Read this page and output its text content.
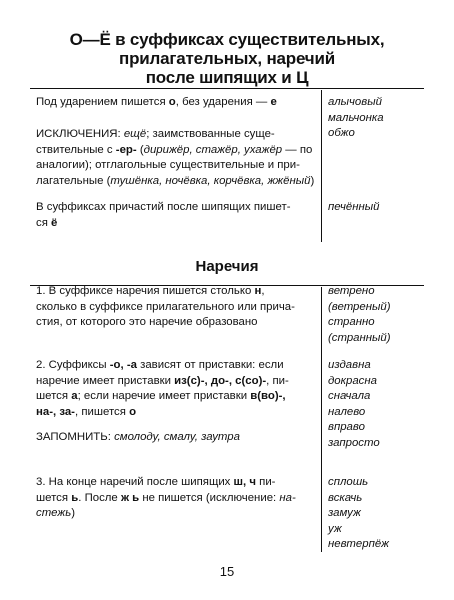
О—Ё в суффиксах существительных,
прилагательных, наречий
после шипящих и Ц
Под ударением пишется о, без ударения — е
ИСКЛЮЧЕНИЯ: ещё; заимствованные суще-
ствительные с -ер- (дирижёр, стажёр, ухажёр — по
аналогии); отглагольные существительные и при-
лагательные (тушёнка, ночёвка, корчёвка, жжёный)
В суффиксах причастий после шипящих пишет-
ся ё
алычовый
мальчонка
обжо
печённый
Наречия
1. В суффиксе наречия пишется столько н,
сколько в суффиксе прилагательного или прича-
стия, от которого это наречие образовано
ветрено
(ветреный)
странно
(странный)
2. Суффиксы -о, -а зависят от приставки: если
наречие имеет приставки из(с)-, до-, с(со)-, пи-
шется а; если наречие имеет приставки в(во)-,
на-, за-, пишется о
ЗАПОМНИТЬ: смолоду, смалу, заутра
издавна
докрасна
сначала
налево
вправо
запросто
3. На конце наречий после шипящих ш, ч пи-
шется ь. После ж ь не пишется (исключение: на-
стежь)
сплошь
вскачь
замуж
уж
невтерпёж
15
